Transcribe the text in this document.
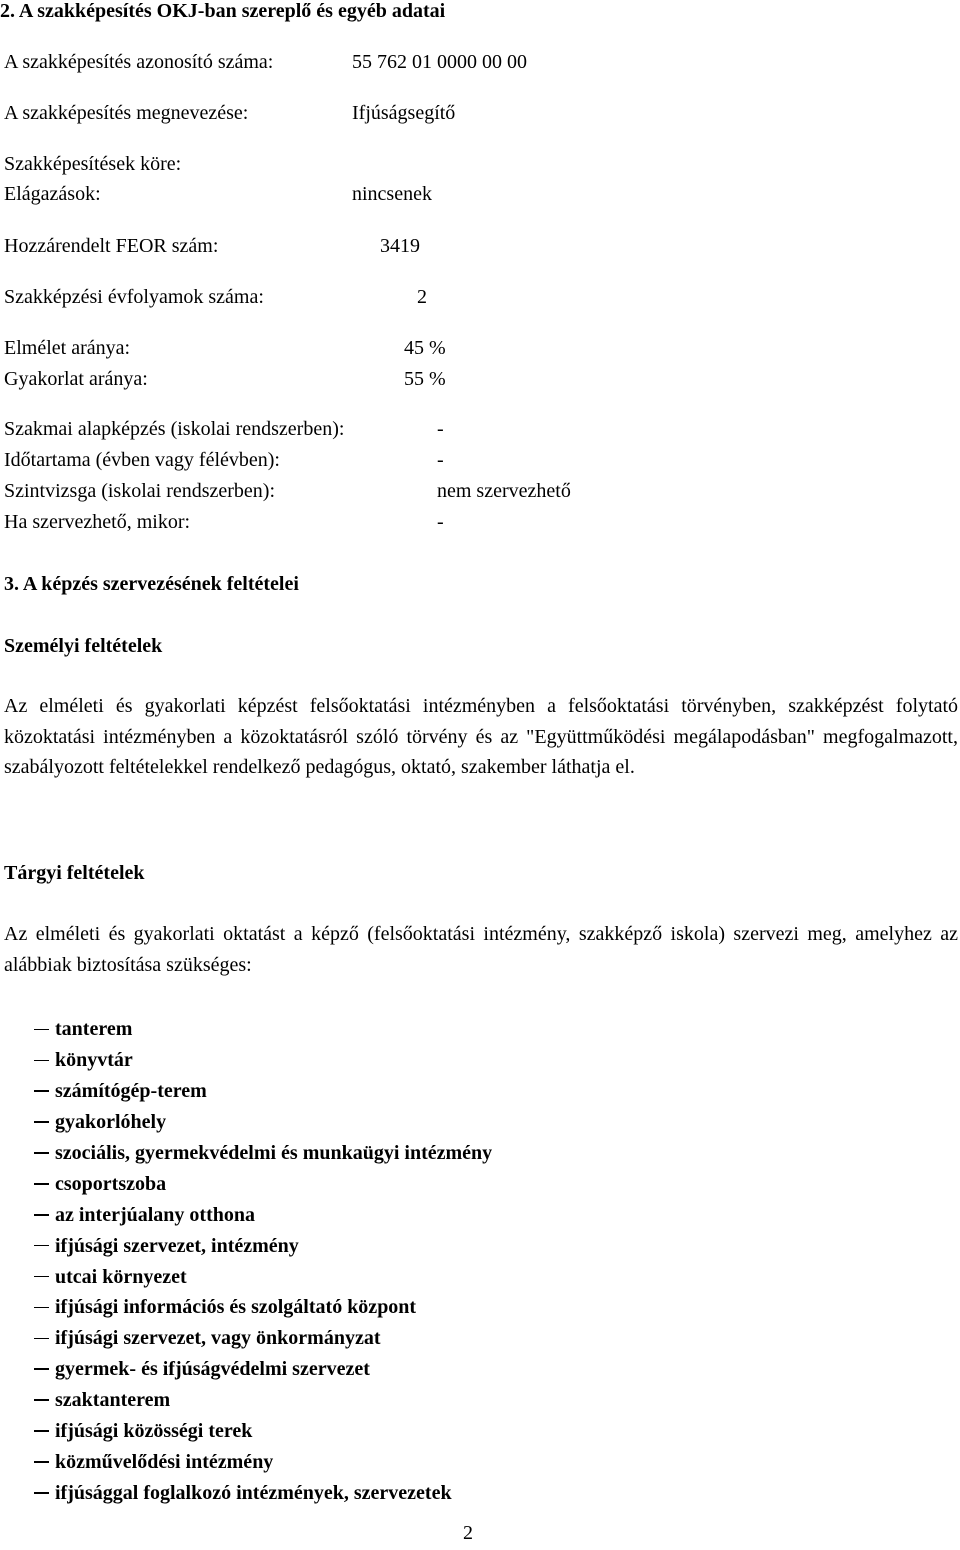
2. A szakképesítés OKJ-ban szereplő és egyéb adatai
A szakképesítés azonosító száma:	55 762 01 0000 00 00
A szakképesítés megnevezése:	Ifjúságsegítő
Szakképesítések köre:
Elágazások:	nincsenek
Hozzárendelt FEOR szám:	3419
Szakképzési évfolyamok száma:	2
Elmélet aránya:	45 %
Gyakorlat aránya:	55 %
Szakmai alapképzés (iskolai rendszerben):	-
Időtartama (évben vagy félévben):	-
Szintvizsga (iskolai rendszerben):	nem szervezhető
Ha szervezhető, mikor:	-
3. A képzés szervezésének feltételei
Személyi feltételek
Az elméleti és gyakorlati képzést felsőoktatási intézményben a felsőoktatási törvényben, szakképzést folytató közoktatási intézményben a közoktatásról szóló törvény és az "Együttműködési megálapodásban" megfogalmazott, szabályozott feltételekkel rendelkező pedagógus, oktató, szakember láthatja el.
Tárgyi feltételek
Az elméleti és gyakorlati oktatást a képző (felsőoktatási intézmény, szakképző iskola) szervezi meg, amelyhez az alábbiak biztosítása szükséges:
tanterem
könyvtár
számítógép-terem
gyakorlóhely
szociális, gyermekvédelmi és munkaügyi intézmény
csoportszoba
az interjúalany otthona
ifjúsági szervezet, intézmény
utcai környezet
ifjúsági információs és szolgáltató központ
ifjúsági szervezet, vagy önkormányzat
gyermek- és ifjúságvédelmi szervezet
szaktanterem
ifjúsági közösségi terek
közművelődési intézmény
ifjúsággal foglalkozó intézmények, szervezetek
2
